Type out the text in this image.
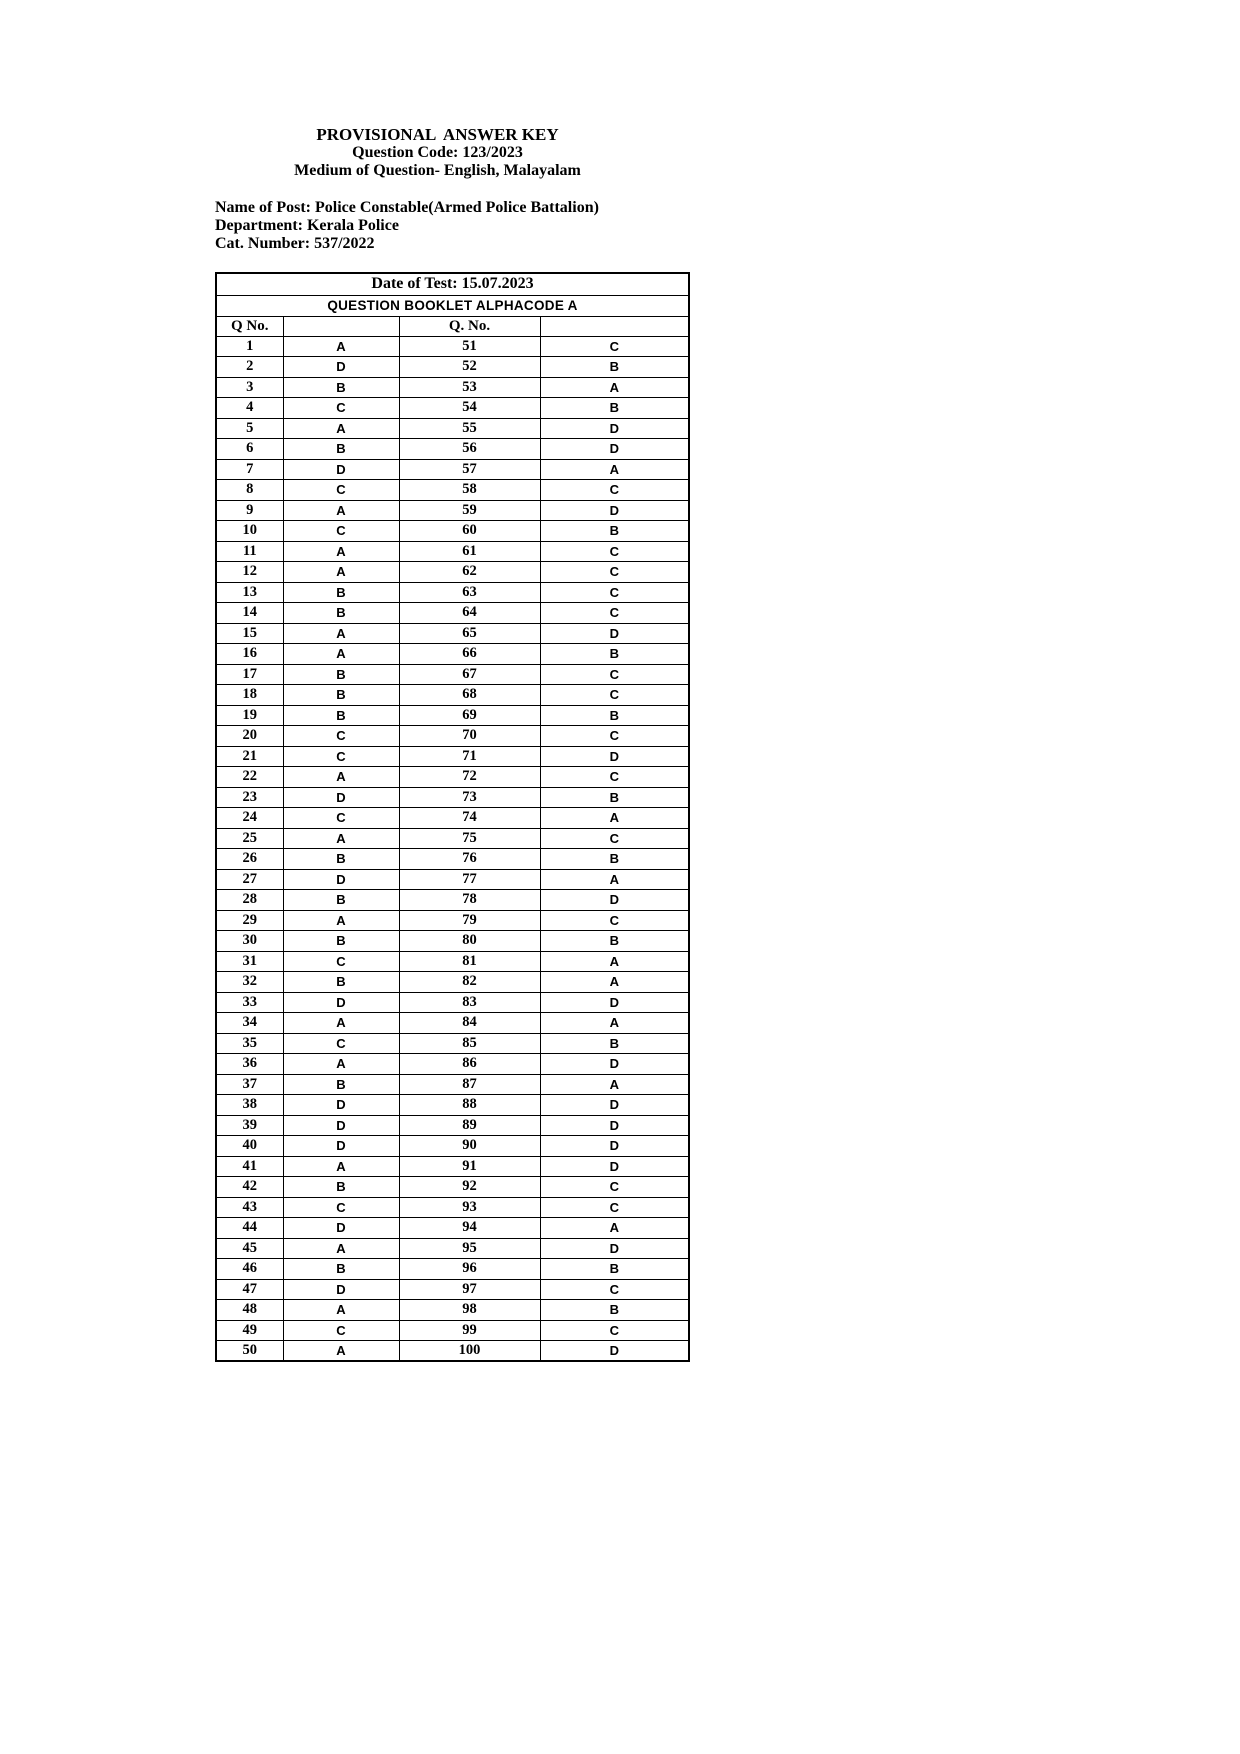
PROVISIONAL  ANSWER KEY
Question Code: 123/2023
Medium of Question- English, Malayalam
Name of Post: Police Constable(Armed Police Battalion)
Department: Kerala Police
Cat. Number: 537/2022
Date of Test: 15.07.2023			
QUESTION BOOKLET ALPHACODE A			
Q No.		Q. No.	
1	A	51	C
2	D	52	B
3	B	53	A
4	C	54	B
5	A	55	D
6	B	56	D
7	D	57	A
8	C	58	C
9	A	59	D
10	C	60	B
11	A	61	C
12	A	62	C
13	B	63	C
14	B	64	C
15	A	65	D
16	A	66	B
17	B	67	C
18	B	68	C
19	B	69	B
20	C	70	C
21	C	71	D
22	A	72	C
23	D	73	B
24	C	74	A
25	A	75	C
26	B	76	B
27	D	77	A
28	B	78	D
29	A	79	C
30	B	80	B
31	C	81	A
32	B	82	A
33	D	83	D
34	A	84	A
35	C	85	B
36	A	86	D
37	B	87	A
38	D	88	D
39	D	89	D
40	D	90	D
41	A	91	D
42	B	92	C
43	C	93	C
44	D	94	A
45	A	95	D
46	B	96	B
47	D	97	C
48	A	98	B
49	C	99	C
50	A	100	D
